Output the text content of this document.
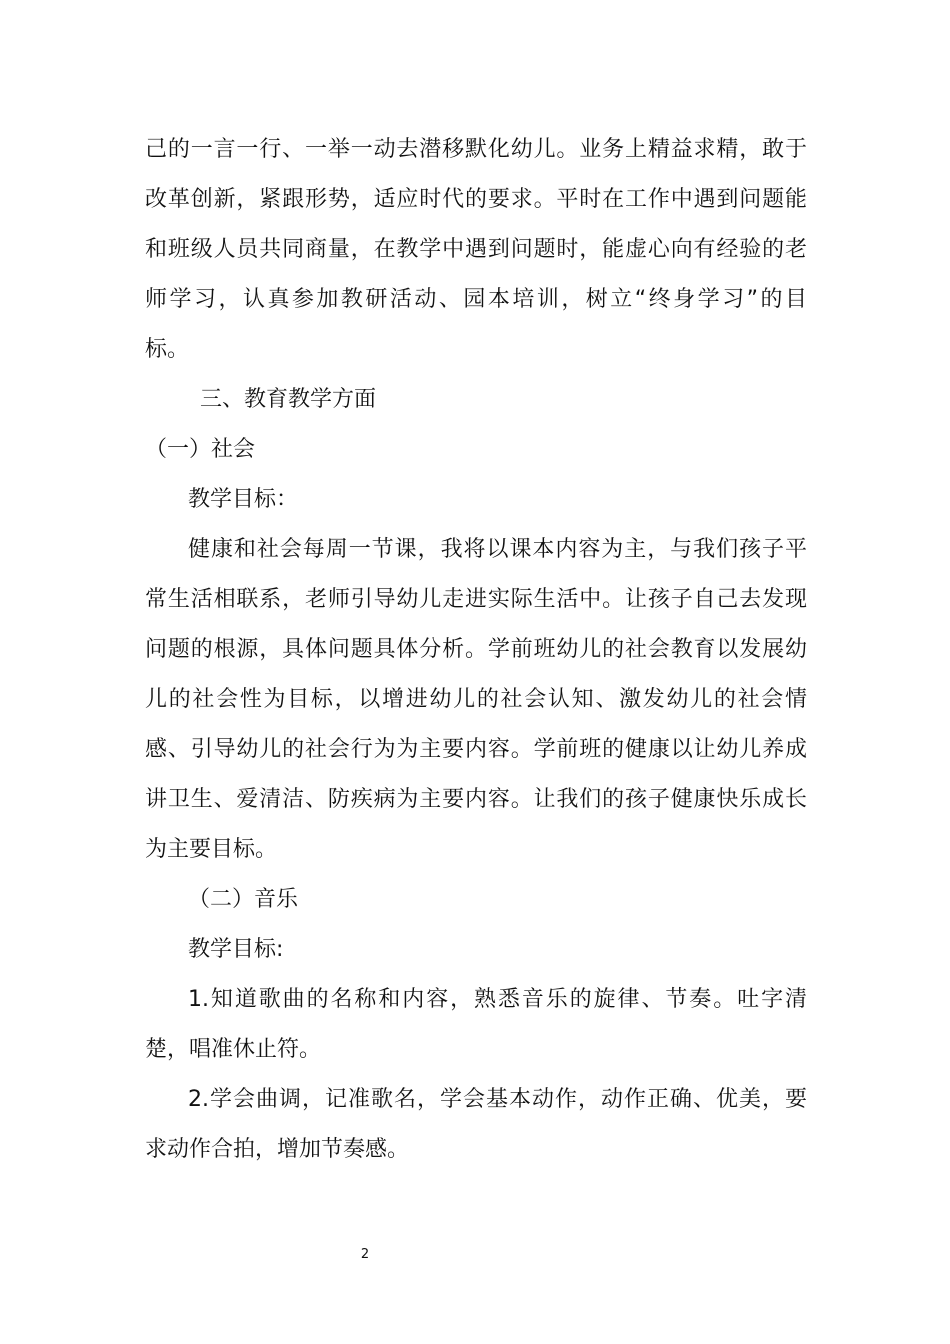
己的一言一行、一举一动去潜移默化幼儿。业务上精益求精，敢于
改革创新，紧跟形势，适应时代的要求。平时在工作中遇到问题能
和班级人员共同商量，在教学中遇到问题时，能虚心向有经验的老
师学习，认真参加教研活动、园本培训，树立“终身学习”的目
标。
三、教育教学方面
（一）社会
教学目标：
健康和社会每周一节课，我将以课本内容为主，与我们孩子平
常生活相联系，老师引导幼儿走进实际生活中。让孩子自己去发现
问题的根源，具体问题具体分析。学前班幼儿的社会教育以发展幼
儿的社会性为目标，以增进幼儿的社会认知、激发幼儿的社会情
感、引导幼儿的社会行为为主要内容。学前班的健康以让幼儿养成
讲卫生、爱清洁、防疾病为主要内容。让我们的孩子健康快乐成长
为主要目标。
（二）音乐
教学目标:
1.知道歌曲的名称和内容，熟悉音乐的旋律、节奏。吐字清
楚，唱准休止符。
2.学会曲调，记准歌名，学会基本动作，动作正确、优美，要
求动作合拍，增加节奏感。
2
